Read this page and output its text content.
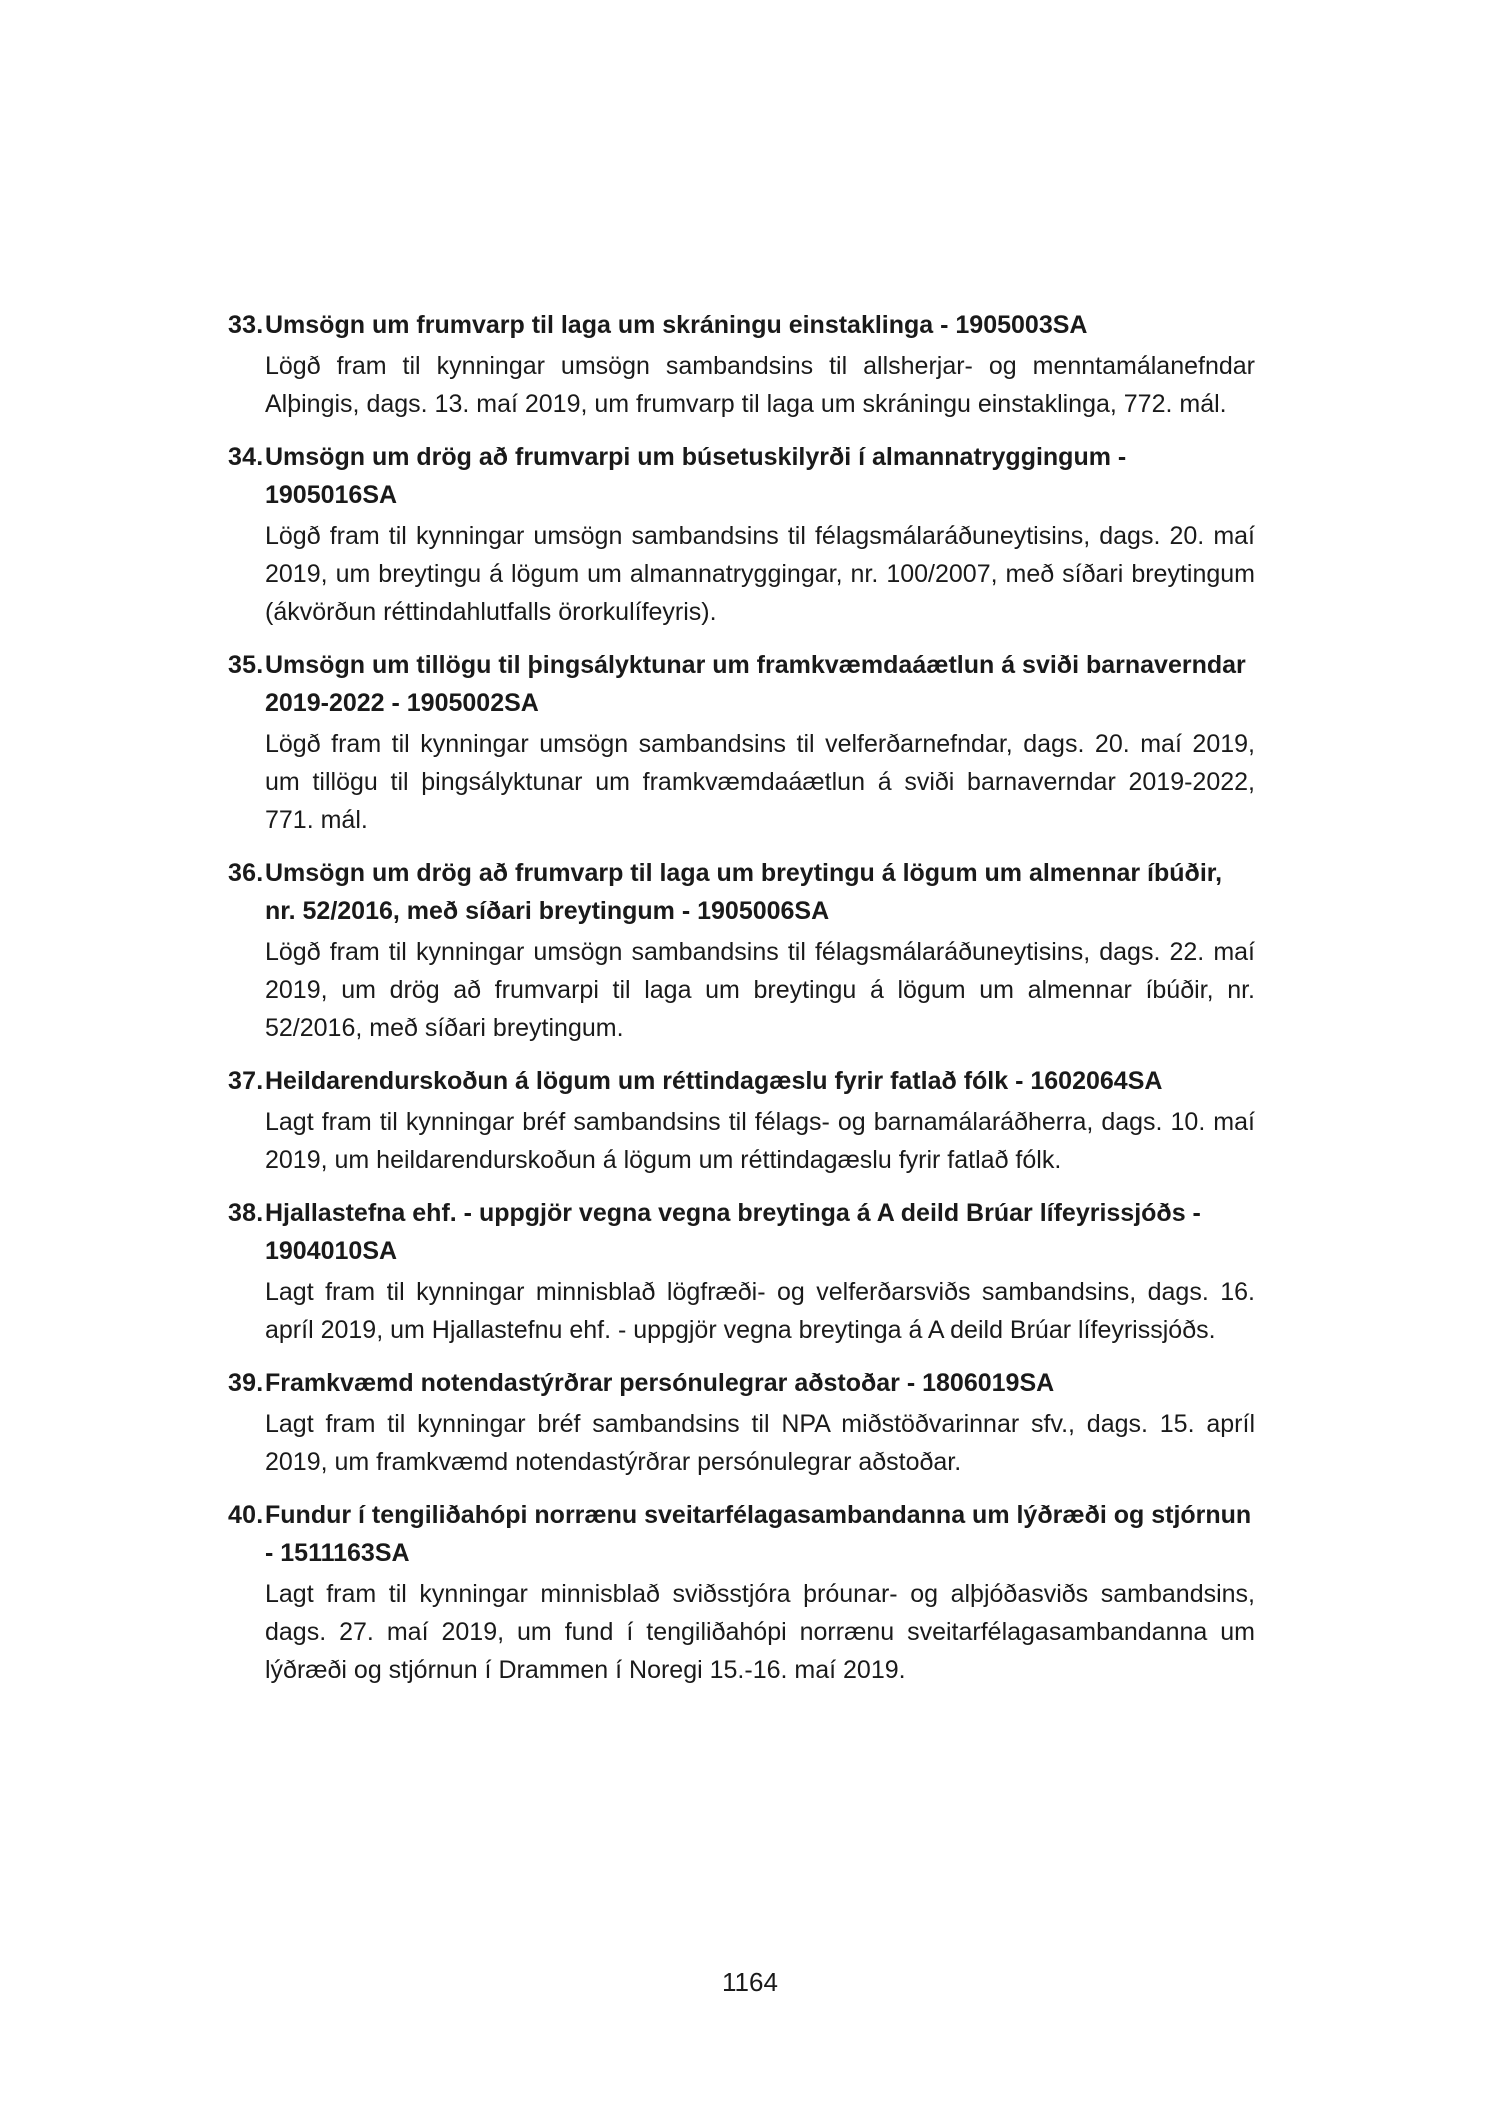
33. Umsögn um frumvarp til laga um skráningu einstaklinga - 1905003SA

Lögð fram til kynningar umsögn sambandsins til allsherjar- og menntamálanefndar Alþingis, dags. 13. maí 2019, um frumvarp til laga um skráningu einstaklinga, 772. mál.

34. Umsögn um drög að frumvarpi um búsetuskilyrði í almannatryggingum - 1905016SA

Lögð fram til kynningar umsögn sambandsins til félagsmálaráðuneytisins, dags. 20. maí 2019, um breytingu á lögum um almannatryggingar, nr. 100/2007, með síðari breytingum (ákvörðun réttindahlutfalls örorkulífeyris).

35. Umsögn um tillögu til þingsályktunar um framkvæmdaáætlun á sviði barnaverndar 2019-2022 - 1905002SA

Lögð fram til kynningar umsögn sambandsins til velferðarnefndar, dags. 20. maí 2019, um tillögu til þingsályktunar um framkvæmdaáætlun á sviði barnaverndar 2019-2022, 771. mál.

36. Umsögn um drög að frumvarp til laga um breytingu á lögum um almennar íbúðir, nr. 52/2016, með síðari breytingum - 1905006SA

Lögð fram til kynningar umsögn sambandsins til félagsmálaráðuneytisins, dags. 22. maí 2019, um drög að frumvarpi til laga um breytingu á lögum um almennar íbúðir, nr. 52/2016, með síðari breytingum.

37. Heildarendurskoðun á lögum um réttindagæslu fyrir fatlað fólk - 1602064SA

Lagt fram til kynningar bréf sambandsins til félags- og barnamálaráðherra, dags. 10. maí 2019, um heildarendurskoðun á lögum um réttindagæslu fyrir fatlað fólk.

38. Hjallastefna ehf. - uppgjör vegna vegna breytinga á A deild Brúar lífeyrissjóðs - 1904010SA

Lagt fram til kynningar minnisblað lögfræði- og velferðarsviðs sambandsins, dags. 16. apríl 2019, um Hjallastefnu ehf. - uppgjör vegna breytinga á A deild Brúar lífeyrissjóðs.

39. Framkvæmd notendastýrðrar persónulegrar aðstoðar - 1806019SA

Lagt fram til kynningar bréf sambandsins til NPA miðstöðvarinnar sfv., dags. 15. apríl 2019, um framkvæmd notendastýrðrar persónulegrar aðstoðar.

40. Fundur í tengiliðahópi norrænu sveitarfélagasambandanna um lýðræði og stjórnun - 1511163SA

Lagt fram til kynningar minnisblað sviðsstjóra þróunar- og alþjóðasviðs sambandsins, dags. 27. maí 2019, um fund í tengiliðahópi norrænu sveitarfélagasambandanna um lýðræði og stjórnun í Drammen í Noregi 15.-16. maí 2019.

1164
